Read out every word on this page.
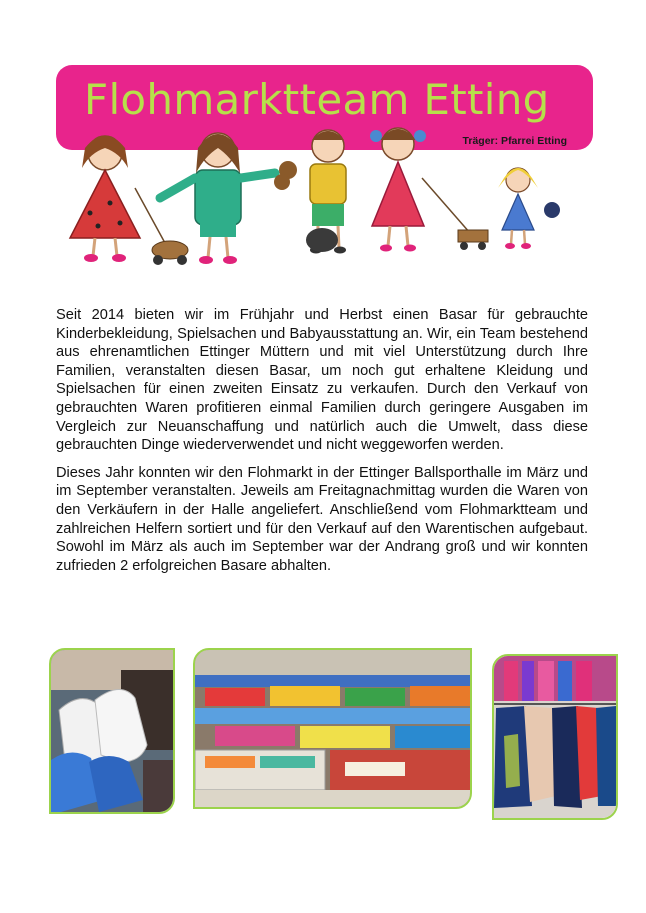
Flohmarktteam Etting
Träger: Pfarrei Etting

Seit 2014 bieten wir im Frühjahr und Herbst einen Basar für gebrauchte Kinderbekleidung, Spielsachen und Babyausstattung an. Wir, ein Team bestehend aus ehrenamtlichen Ettinger Müttern und mit viel Unterstützung durch Ihre Familien, veranstalten diesen Basar, um noch gut erhaltene Kleidung und Spielsachen für einen zweiten Einsatz zu verkaufen. Durch den Verkauf von gebrauchten Waren profitieren einmal Familien durch geringere Ausgaben im Vergleich zur Neuanschaffung und natürlich auch die Umwelt, dass diese gebrauchten Dinge wiederverwendet und nicht weggeworfen werden.

Dieses Jahr konnten wir den Flohmarkt in der Ettinger Ballsporthalle im März und im September veranstalten. Jeweils am Freitagnachmittag wurden die Waren von den Verkäufern in der Halle angeliefert. Anschließend vom Flohmarktteam und zahlreichen Helfern sortiert und für den Verkauf auf den Warentischen aufgebaut. Sowohl im März als auch im September war der Andrang groß und wir konnten zufrieden 2 erfolgreichen Basare abhalten.
